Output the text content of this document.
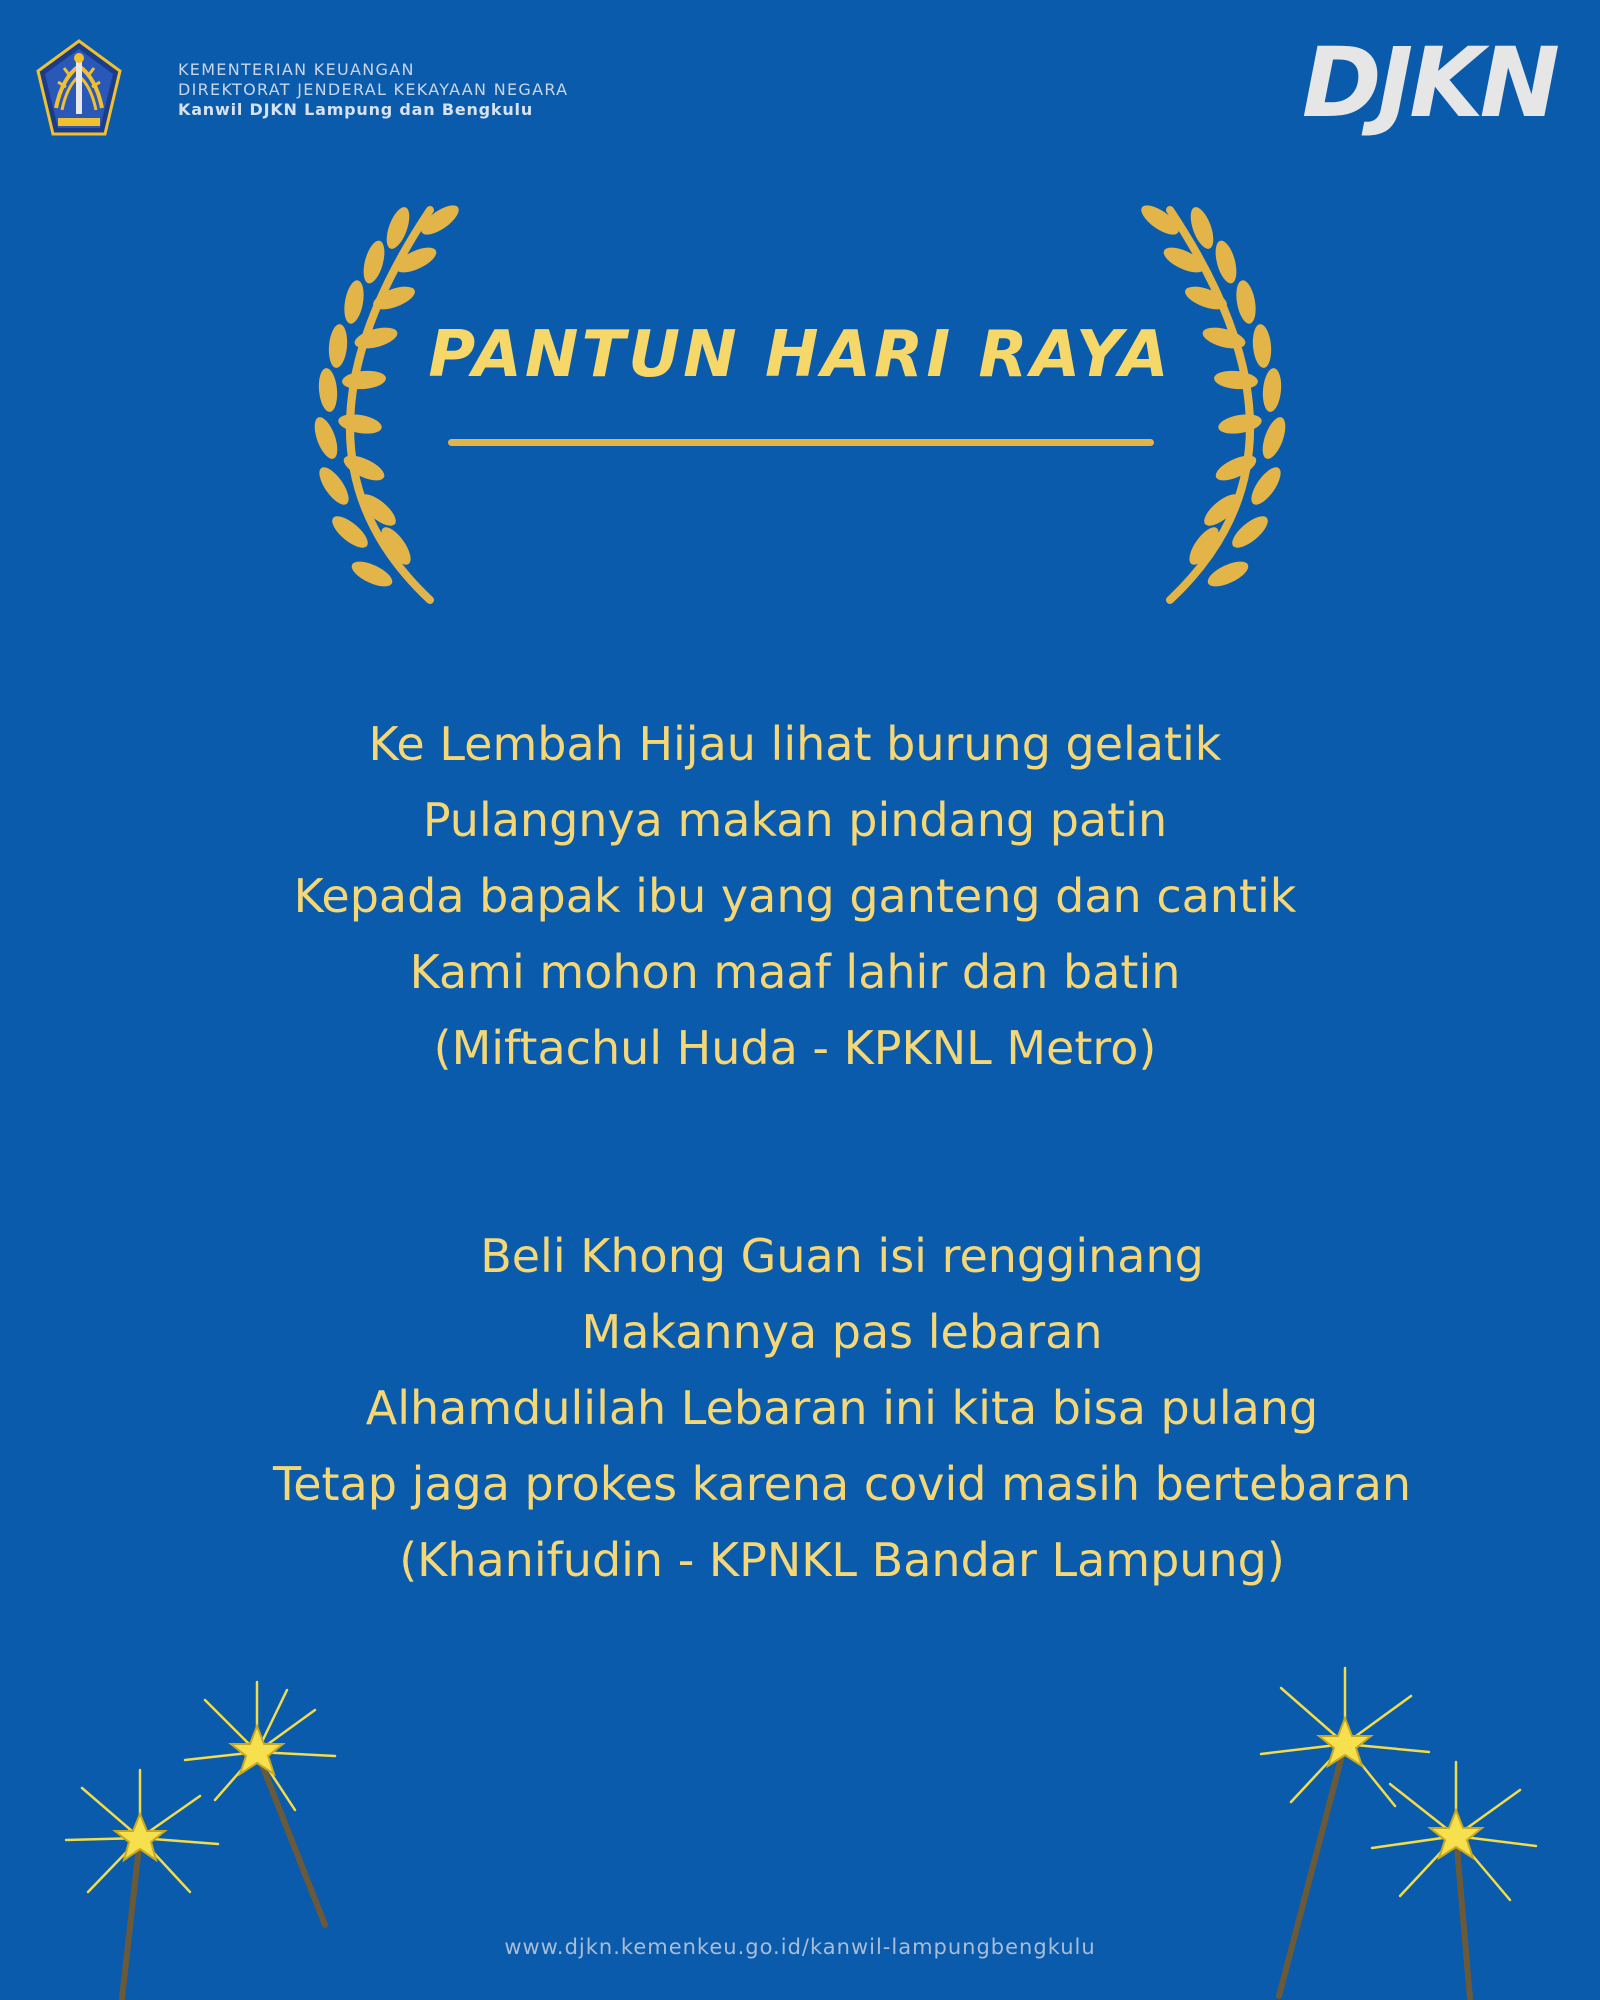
KEMENTERIAN KEUANGAN
DIREKTORAT JENDERAL KEKAYAAN NEGARA
Kanwil DJKN Lampung dan Bengkulu	DJKN
PANTUN HARI RAYA
Ke Lembah Hijau lihat burung gelatik
Pulangnya makan pindang patin
Kepada bapak ibu yang ganteng dan cantik
Kami mohon maaf lahir dan batin
(Miftachul Huda - KPKNL Metro)
Beli Khong Guan isi rengginang
Makannya pas lebaran
Alhamdulilah Lebaran ini kita bisa pulang
Tetap jaga prokes karena covid masih bertebaran
(Khanifudin - KPNKL Bandar Lampung)
www.djkn.kemenkeu.go.id/kanwil-lampungbengkulu
